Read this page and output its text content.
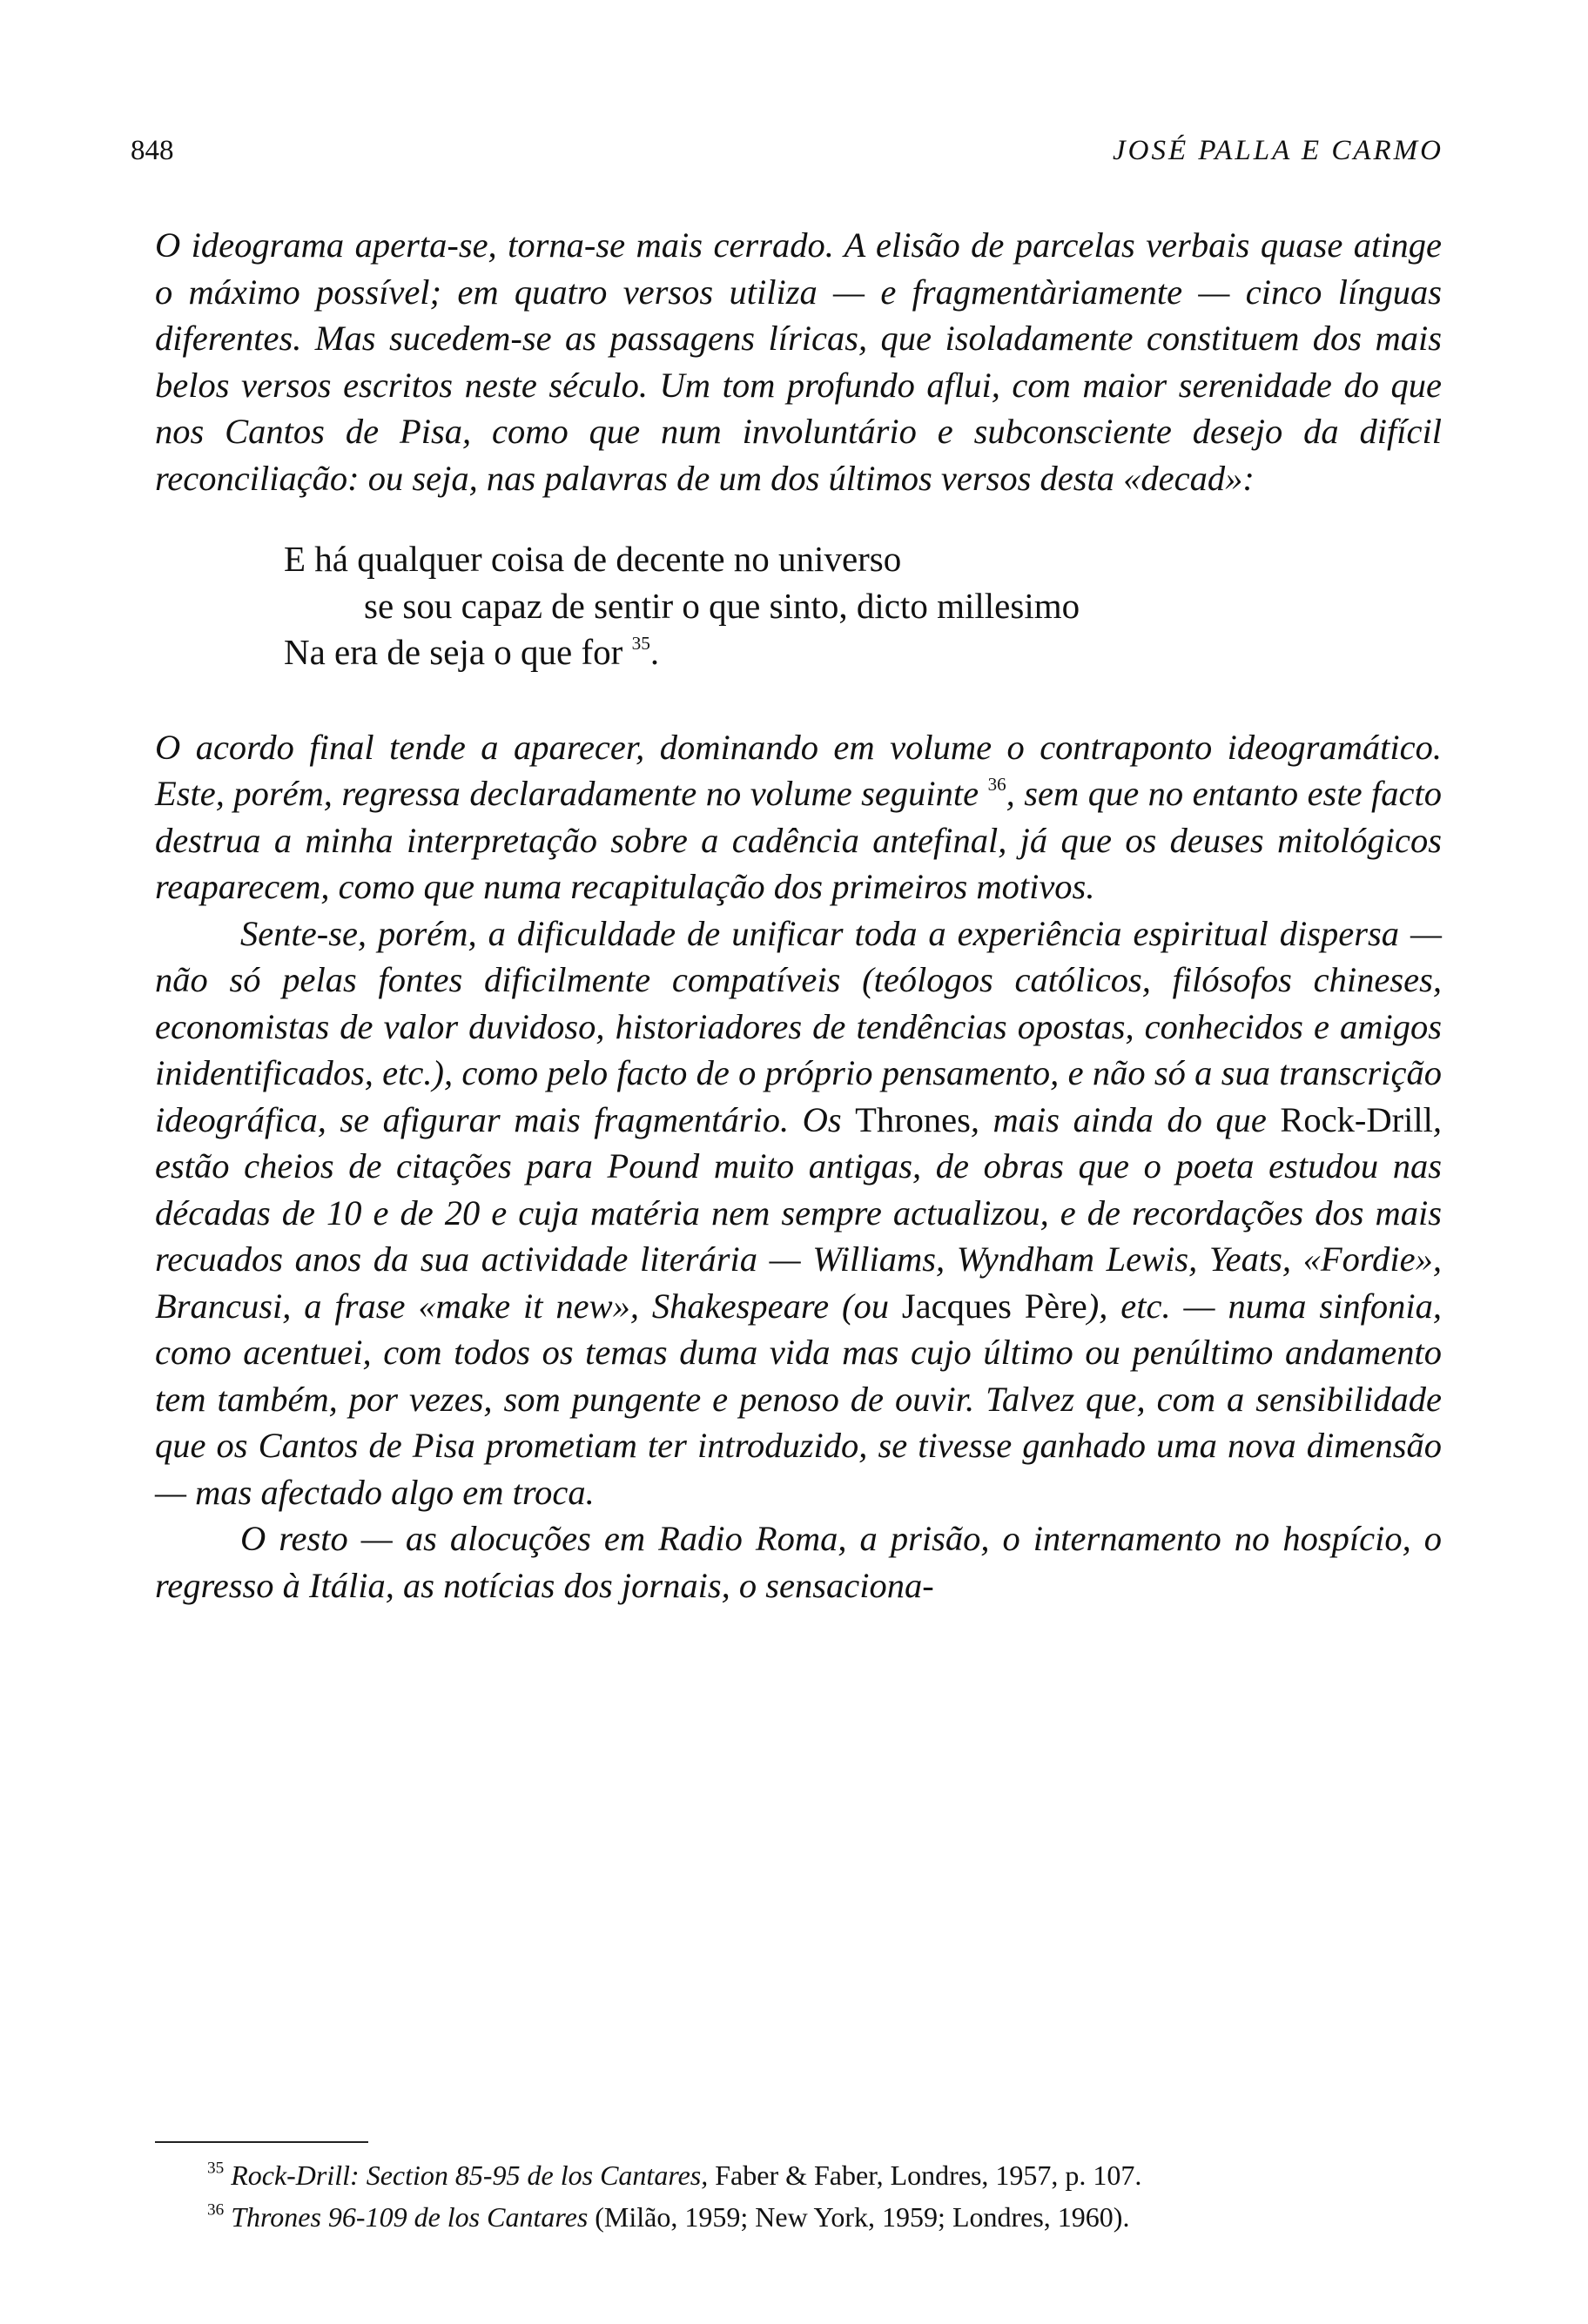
848	JOSÉ PALLA E CARMO

O ideograma aperta-se, torna-se mais cerrado. A elisão de parcelas verbais quase atinge o máximo possível; em quatro versos utiliza — e fragmentàriamente — cinco línguas diferentes. Mas sucedem-se as passagens líricas, que isoladamente constituem dos mais belos versos escritos neste século. Um tom profundo aflui, com maior serenidade do que nos Cantos de Pisa, como que num involuntário e subconsciente desejo da difícil reconciliação: ou seja, nas palavras de um dos últimos versos desta «decad»:

E há qualquer coisa de decente no universo
se sou capaz de sentir o que sinto, dicto millesimo
Na era de seja o que for $^{35}$.

O acordo final tende a aparecer, dominando em volume o contraponto ideogramático. Este, porém, regressa declaradamente no volume seguinte $^{36}$, sem que no entanto este facto destrua a minha interpretação sobre a cadência antefinal, já que os deuses mitológicos reaparecem, como que numa recapitulação dos primeiros motivos.

Sente-se, porém, a dificuldade de unificar toda a experiência espiritual dispersa — não só pelas fontes dificilmente compatíveis (teólogos católicos, filósofos chineses, economistas de valor duvidoso, historiadores de tendências opostas, conhecidos e amigos inidentificados, etc.), como pelo facto de o próprio pensamento, e não só a sua transcrição ideográfica, se afigurar mais fragmentário. Os Thrones, mais ainda do que Rock-Drill, estão cheios de citações para Pound muito antigas, de obras que o poeta estudou nas décadas de 10 e de 20 e cuja matéria nem sempre actualizou, e de recordações dos mais recuados anos da sua actividade literária — Williams, Wyndham Lewis, Yeats, «Fordie», Brancusi, a frase «make it new», Shakespeare (ou Jacques Père), etc. — numa sinfonia, como acentuei, com todos os temas duma vida mas cujo último ou penúltimo andamento tem também, por vezes, som pungente e penoso de ouvir. Talvez que, com a sensibilidade que os Cantos de Pisa prometiam ter introduzido, se tivesse ganhado uma nova dimensão — mas afectado algo em troca.

O resto — as alocuções em Radio Roma, a prisão, o internamento no hospício, o regresso à Itália, as notícias dos jornais, o sensaciona-

$^{35}$ Rock-Drill: Section 85-95 de los Cantares, Faber & Faber, Londres, 1957, p. 107.
$^{36}$ Thrones 96-109 de los Cantares (Milão, 1959; New York, 1959; Londres, 1960).
